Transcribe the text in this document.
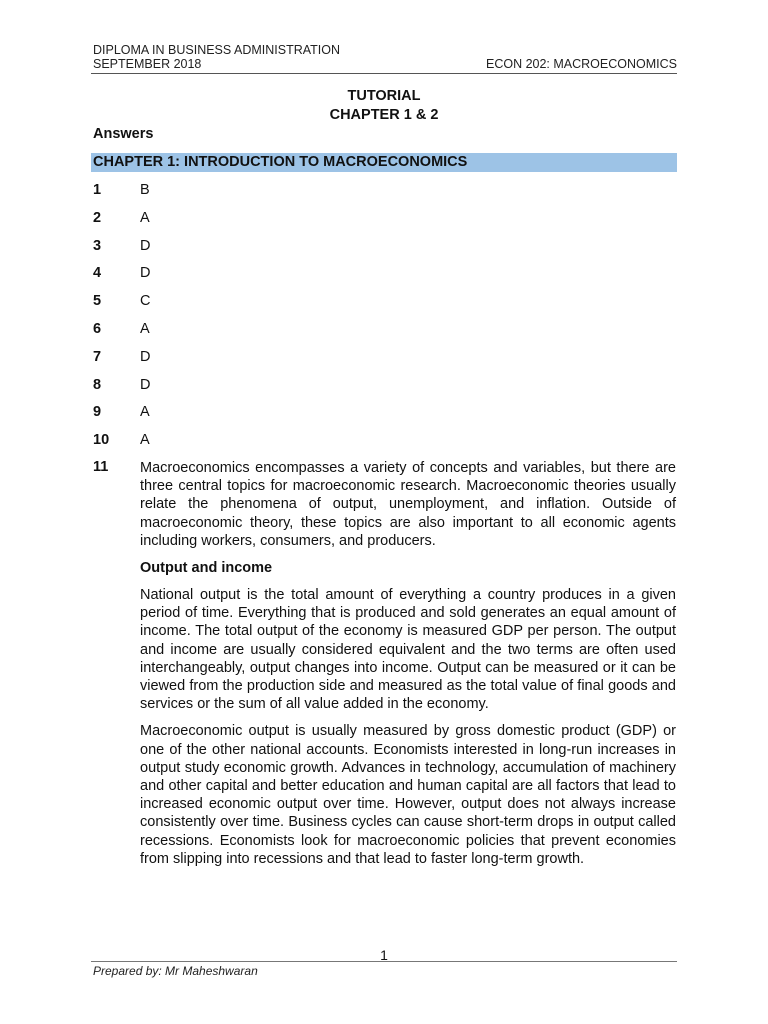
DIPLOMA IN BUSINESS ADMINISTRATION
SEPTEMBER 2018	ECON 202: MACROECONOMICS
TUTORIAL
CHAPTER 1 & 2
Answers
CHAPTER 1: INTRODUCTION TO MACROECONOMICS
1	B
2	A
3	D
4	D
5	C
6	A
7	D
8	D
9	A
10	A
11 Macroeconomics encompasses a variety of concepts and variables, but there are three central topics for macroeconomic research. Macroeconomic theories usually relate the phenomena of output, unemployment, and inflation. Outside of macroeconomic theory, these topics are also important to all economic agents including workers, consumers, and producers.

Output and income

National output is the total amount of everything a country produces in a given period of time. Everything that is produced and sold generates an equal amount of income. The total output of the economy is measured GDP per person. The output and income are usually considered equivalent and the two terms are often used interchangeably, output changes into income. Output can be measured or it can be viewed from the production side and measured as the total value of final goods and services or the sum of all value added in the economy.

Macroeconomic output is usually measured by gross domestic product (GDP) or one of the other national accounts. Economists interested in long-run increases in output study economic growth. Advances in technology, accumulation of machinery and other capital and better education and human capital are all factors that lead to increased economic output over time. However, output does not always increase consistently over time. Business cycles can cause short-term drops in output called recessions. Economists look for macroeconomic policies that prevent economies from slipping into recessions and that lead to faster long-term growth.

1
Prepared by: Mr Maheshwaran
